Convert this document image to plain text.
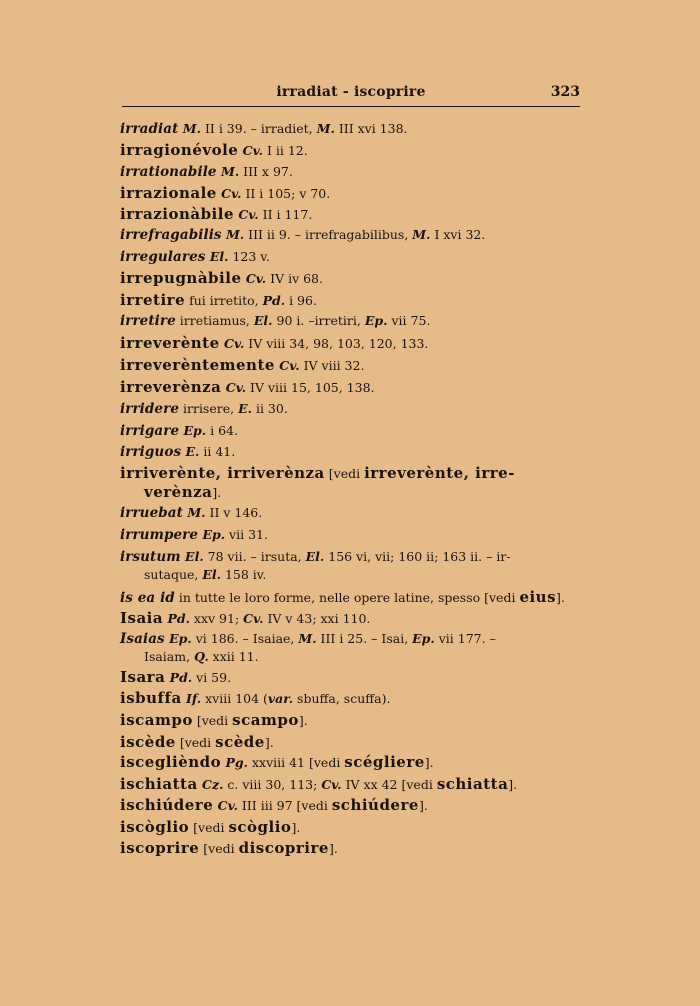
irradiat - iscoprire	323
irradiat M. II i 39. – irradiet, M. III xvi 138.
irragionévole Cv. I ii 12.
irrationabile M. III x 97.
irrazionale Cv. II i 105; v 70.
irrazionàbile Cv. II i 117.
irrefragabilis M. III ii 9. – irrefragabilibus, M. I xvi 32.
irregulares El. 123 v.
irrepugnàbile Cv. IV iv 68.
irretire fui irretito, Pd. i 96.
irretire irretiamus, El. 90 i. –irretiri, Ep. vii 75.
irreverènte Cv. IV viii 34, 98, 103, 120, 133.
irreverèntemente Cv. IV viii 32.
irreverènza Cv. IV viii 15, 105, 138.
irridere irrisere, E. ii 30.
irrigare Ep. i 64.
irriguos E. ii 41.
irriverènte, irriverènza [vedi irreverènte, irre-
verènza].
irruebat M. II v 146.
irrumpere Ep. vii 31.
irsutum El. 78 vii. – irsuta, El. 156 vi, vii; 160 ii; 163 ii. – ir-
sutaque, El. 158 iv.
is ea id in tutte le loro forme, nelle opere latine, spesso [vedi eius].
Isaia Pd. xxv 91; Cv. IV v 43; xxi 110.
Isaias Ep. vi 186. – Isaiae, M. III i 25. – Isai, Ep. vii 177. –
Isaiam, Q. xxii 11.
Isara Pd. vi 59.
isbuffa If. xviii 104 (var. sbuffa, scuffa).
iscampo [vedi scampo].
iscède [vedi scède].
isceglièndo Pg. xxviii 41 [vedi scégliere].
ischiatta Cz. c. viii 30, 113; Cv. IV xx 42 [vedi schiatta].
ischiúdere Cv. III iii 97 [vedi schiúdere].
iscòglio [vedi scòglio].
iscoprire [vedi discoprire].
